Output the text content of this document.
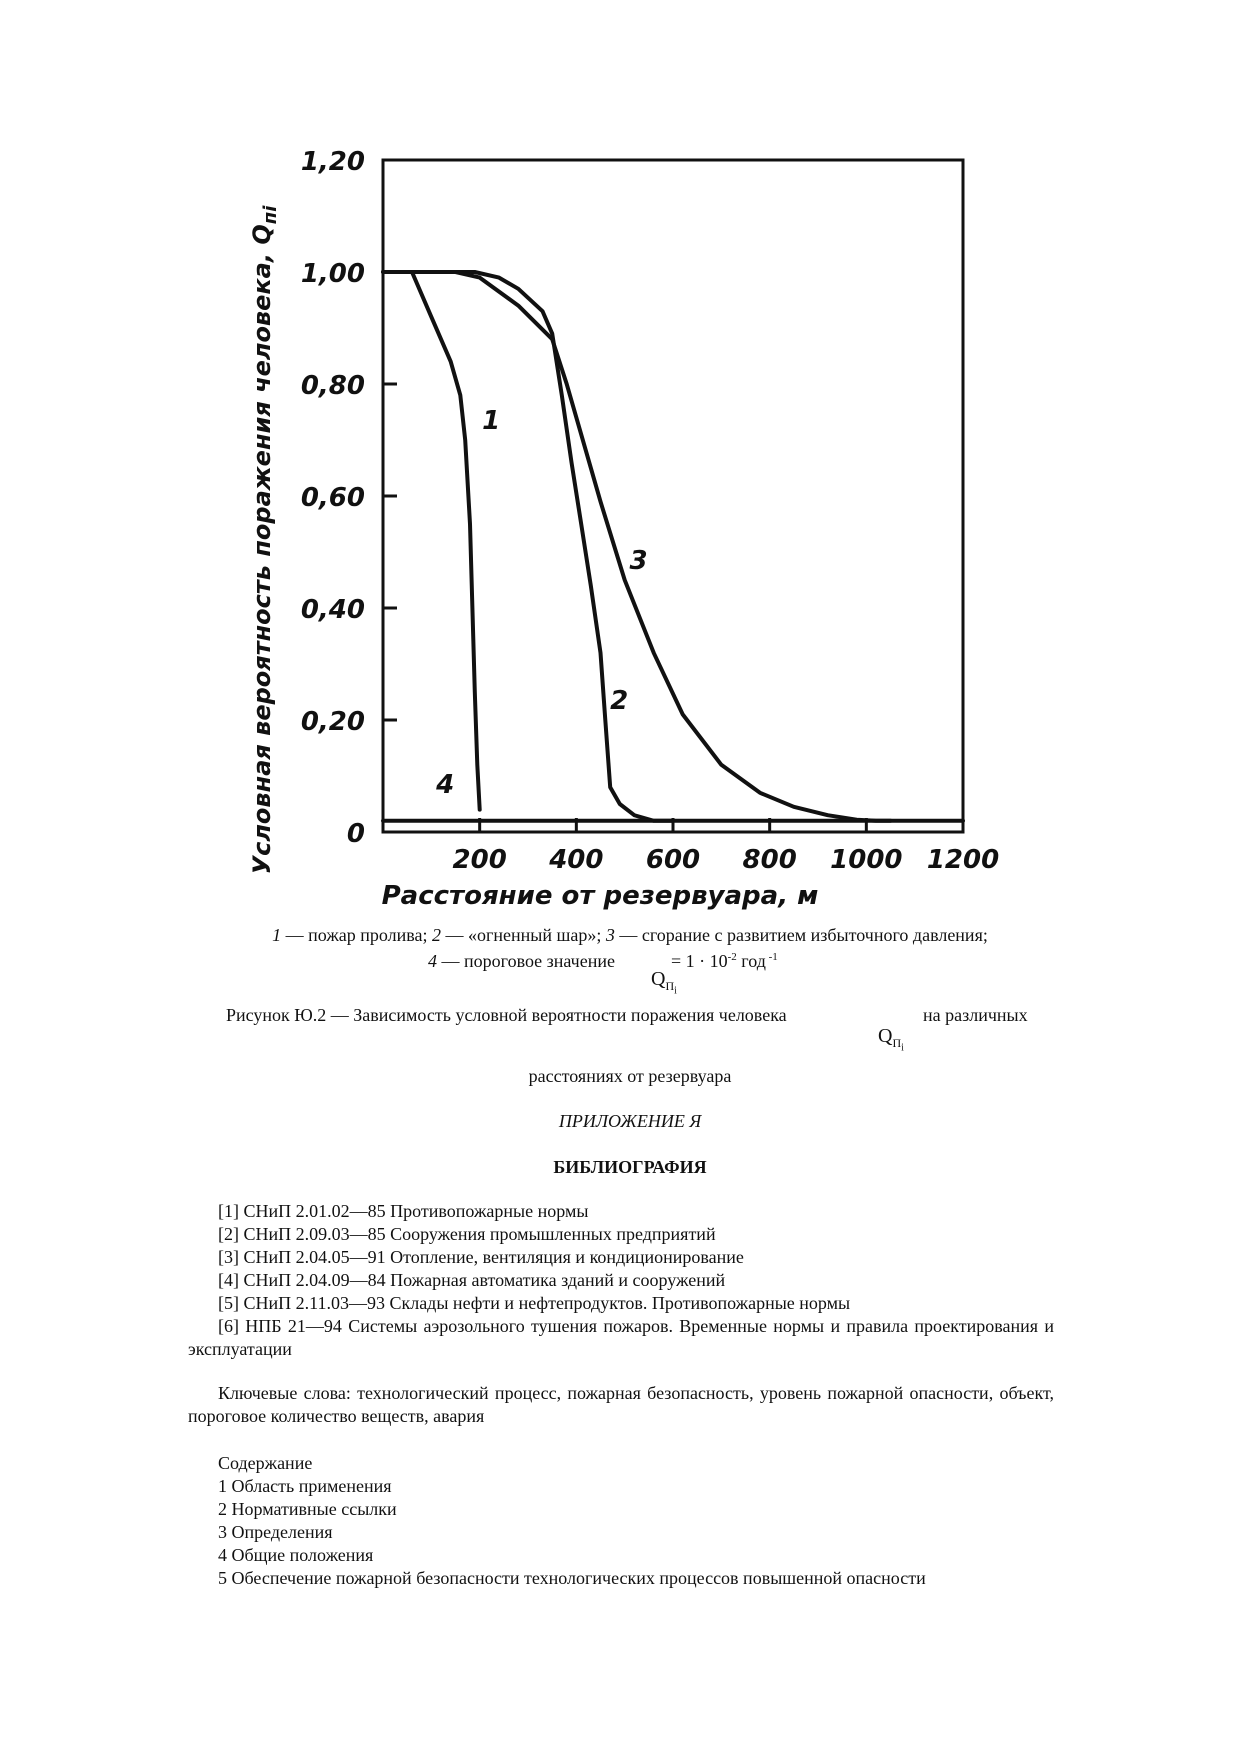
1,20
1,00
0,80
0,60
0,40
0,20
0
200 400 600 800 1000 1200
1
2
3
4
Условная вероятность поражения человека, $Q_{пi}$
Расстояние от резервуара, м
1 — пожар пролива; 2 — «огненный шар»; 3 — сгорание с развитием избыточного давления;
4 — пороговое значение	= $1 \cdot 10^{-2}$ год $^{-1}$
$Q_{П_i}$
Рисунок Ю.2 — Зависимость условной вероятности поражения человека	на различных
$Q_{П_i}$
расстояниях от резервуара
ПРИЛОЖЕНИЕ Я
БИБЛИОГРАФИЯ

[1] СНиП 2.01.02—85 Противопожарные нормы

[2] СНиП 2.09.03—85 Сооружения промышленных предприятий

[3] СНиП 2.04.05—91 Отопление, вентиляция и кондиционирование

[4] СНиП 2.04.09—84 Пожарная автоматика зданий и сооружений

[5] СНиП 2.11.03—93 Склады нефти и нефтепродуктов. Противопожарные нормы

[6] НПБ 21—94 Системы аэрозольного тушения пожаров. Временные нормы и правила проектирования и эксплуатации

Ключевые слова: технологический процесс, пожарная безопасность, уровень пожарной опасности, объект, пороговое количество веществ, авария

Содержание

1 Область применения

2 Нормативные ссылки

3 Определения

4 Общие положения

5 Обеспечение пожарной безопасности технологических процессов повышенной опасности
